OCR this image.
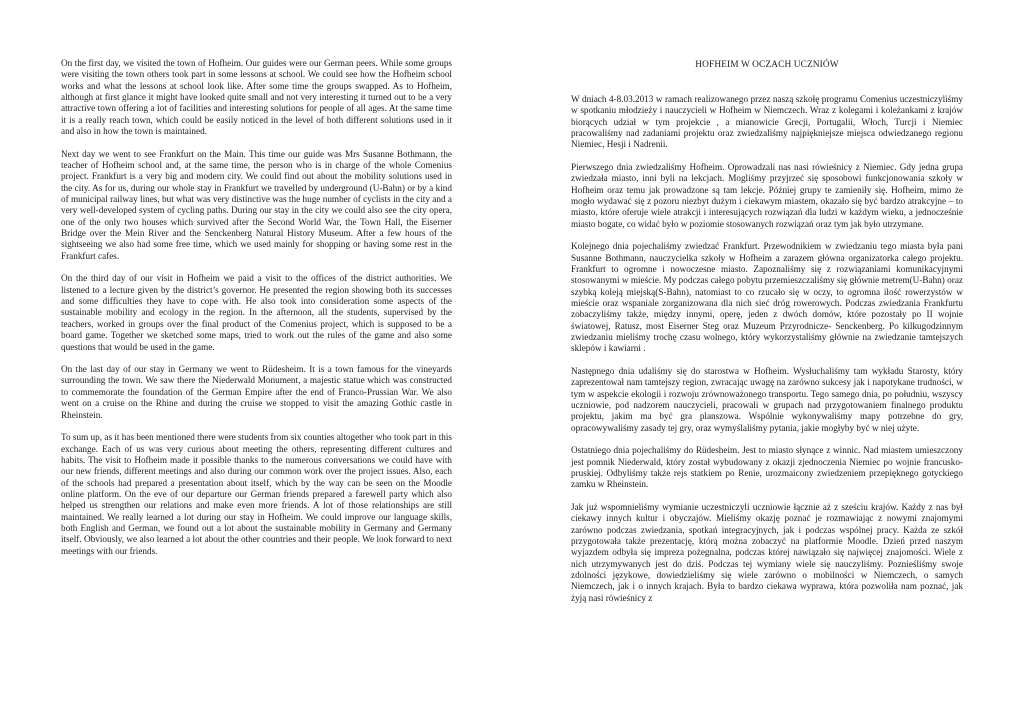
On the first day, we visited the town of Hofheim. Our guides were our German peers. While some groups were visiting the town others took part in some lessons at school. We could see how the Hofheim school works and what the lessons at school look like. After some time the groups swapped. As to Hofheim, although at first glance it might have looked quite small and not very interesting it turned out to be a very attractive town offering a lot of facilities and interesting solutions for people of all ages. At the same time it is a really reach town, which could be easily noticed in the level of both different solutions used in it and also in how the town is maintained.

Next day we went to see Frankfurt on the Main. This time our guide was Mrs Susanne Bothmann, the teacher of Hofheim school and, at the same time, the person who is in charge of the whole Comenius project. Frankfurt is a very big and modern city. We could find out about the mobility solutions used in the city. As for us, during our whole stay in Frankfurt we travelled by underground (U-Bahn) or by a kind of municipal railway lines, but what was very distinctive was the huge number of cyclists in the city and a very well-developed system of cycling paths. During our stay in the city we could also see the city opera, one of the only two houses which survived after the Second World War, the Town Hall, the Eiserner Bridge over the Mein River and the Senckenberg Natural History Museum. After a few hours of the sightseeing we also had some free time, which we used mainly for shopping or having some rest in the Frankfurt cafes.

On the third day of our visit in Hofheim we paid a visit to the offices of the district authorities. We listened to a lecture given by the district’s governor. He presented the region showing both its successes and some difficulties they have to cope with. He also took into consideration some aspects of the sustainable mobility and ecology in the region. In the afternoon, all the students, supervised by the teachers, worked in groups over the final product of the Comenius project, which is supposed to be a board game. Together we sketched some maps, tried to work out the rules of the game and also some questions that would be used in the game.

On the last day of our stay in Germany we went to Rüdesheim. It is a town famous for the vineyards surrounding the town. We saw there the Niederwald Monument, a majestic statue which was constructed to commemorate the foundation of the German Empire after the end of Franco-Prussian War. We also went on a cruise on the Rhine and during the cruise we stopped to visit the amazing Gothic castle in Rheinstein.

To sum up, as it has been mentioned there were students from six counties altogether who took part in this exchange. Each of us was very curious about meeting the others, representing different cultures and habits. The visit to Hofheim made it possible thanks to the numerous conversations we could have with our new friends, different meetings and also during our common work over the project issues. Also, each of the schools had prepared a presentation about itself, which by the way can be seen on the Moodle online platform. On the eve of our departure our German friends prepared a farewell party which also helped us strengthen our relations and make even more friends. A lot of those relationships are still maintained. We really learned a lot during our stay in Hofheim. We could improve our language skills, both English and German, we found out a lot about the sustainable mobility in Germany and Germany itself. Obviously, we also learned a lot about the other countries and their people. We look forward to next meetings with our friends.

HOFHEIM W OCZACH UCZNIÓW

W dniach 4-8.03.2013 w ramach realizowanego przez naszą szkołę programu Comenius uczestniczyliśmy w spotkaniu młodzieży i nauczycieli w Hofheim w Niemczech. Wraz z kolegami i koleżankami z krajów biorących udział w tym projekcie , a mianowicie Grecji, Portugalii, Włoch, Turcji i Niemiec pracowaliśmy nad zadaniami projektu oraz zwiedzaliśmy najpiękniejsze miejsca odwiedzanego regionu Niemiec, Hesji i Nadrenii.

Pierwszego dnia zwiedzaliśmy Hofheim. Oprowadzali nas nasi rówieśnicy z Niemiec. Gdy jedna grupa zwiedzała miasto, inni byli na lekcjach. Mogliśmy przyjrzeć się sposobowi funkcjonowania szkoły w Hofheim oraz temu jak prowadzone są tam lekcje. Później grupy te zamieniły się. Hofheim, mimo że mogło wydawać się z pozoru niezbyt dużym i ciekawym miastem, okazało się być bardzo atrakcyjne – to miasto, które oferuje wiele atrakcji i interesujących rozwiązań dla ludzi w każdym wieku, a jednocześnie miasto bogate, co widać było w poziomie stosowanych rozwiązań oraz tym jak było utrzymane.

Kolejnego dnia pojechaliśmy zwiedzać Frankfurt. Przewodnikiem w zwiedzaniu tego miasta była pani Susanne Bothmann, nauczycielka szkoły w Hofheim a zarazem główna organizatorka całego projektu. Frankfurt to ogromne i nowoczesne miasto. Zapoznaliśmy się z rozwiązaniami komunikacyjnymi stosowanymi w mieście. My podczas całego pobytu przemieszczaliśmy się głównie metrem(U-Bahn) oraz szybką koleją miejską(S-Bahn), natomiast to co rzucało się w oczy, to ogromna ilość rowerzystów w mieście oraz wspaniale zorganizowana dla nich sieć dróg rowerowych. Podczas zwiedzania Frankfurtu zobaczyliśmy także, między innymi, operę, jeden z dwóch domów, które pozostały po II wojnie światowej, Ratusz, most Eiserner Steg oraz Muzeum Przyrodnicze- Senckenberg. Po kilkugodzinnym zwiedzaniu mieliśmy trochę czasu wolnego, który wykorzystaliśmy głównie na zwiedzanie tamtejszych sklepów i kawiarni .

Następnego dnia udaliśmy się do starostwa w Hofheim. Wysłuchaliśmy tam wykładu Starosty, który zaprezentował nam tamtejszy region, zwracając uwagę na zarówno sukcesy jak i napotykane trudności, w tym w aspekcie ekologii i rozwoju zrównoważonego transportu. Tego samego dnia, po południu, wszyscy uczniowie, pod nadzorem nauczycieli, pracowali w grupach nad przygotowaniem finalnego produktu projektu, jakim ma być gra planszowa. Wspólnie wykonywaliśmy mapy potrzebne do gry, opracowywaliśmy zasady tej gry, oraz wymyślaliśmy pytania, jakie mogłyby być w niej użyte.

Ostatniego dnia pojechaliśmy do Rüdesheim. Jest to miasto słynące z winnic. Nad miastem umieszczony jest pomnik Niederwald, który został wybudowany z okazji zjednoczenia Niemiec po wojnie francusko-pruskiej. Odbyliśmy także rejs statkiem po Renie, urozmaicony zwiedzeniem przepięknego gotyckiego zamku w Rheinstein.

Jak już wspomnieliśmy wymianie uczestniczyli uczniowie łącznie aż z sześciu krajów. Każdy z nas był ciekawy innych kultur i obyczajów. Mieliśmy okazję poznać je rozmawiając z nowymi znajomymi zarówno podczas zwiedzania, spotkań integracyjnych, jak i podczas wspólnej pracy. Każda ze szkół przygotowała także prezentację, którą można zobaczyć na platformie Moodle. Dzień przed naszym wyjazdem odbyła się impreza pożegnalna, podczas której nawiązało się najwięcej znajomości. Wiele z nich utrzymywanych jest do dziś. Podczas tej wymiany wiele się nauczyliśmy. Poznieśliśmy swoje zdolności językowe, dowiedzieliśmy się wiele zarówno o mobilności w Niemczech, o samych Niemczech, jak i o innych krajach. Była to bardzo ciekawa wyprawa, która pozwoliła nam poznać, jak żyją nasi rówieśnicy z
